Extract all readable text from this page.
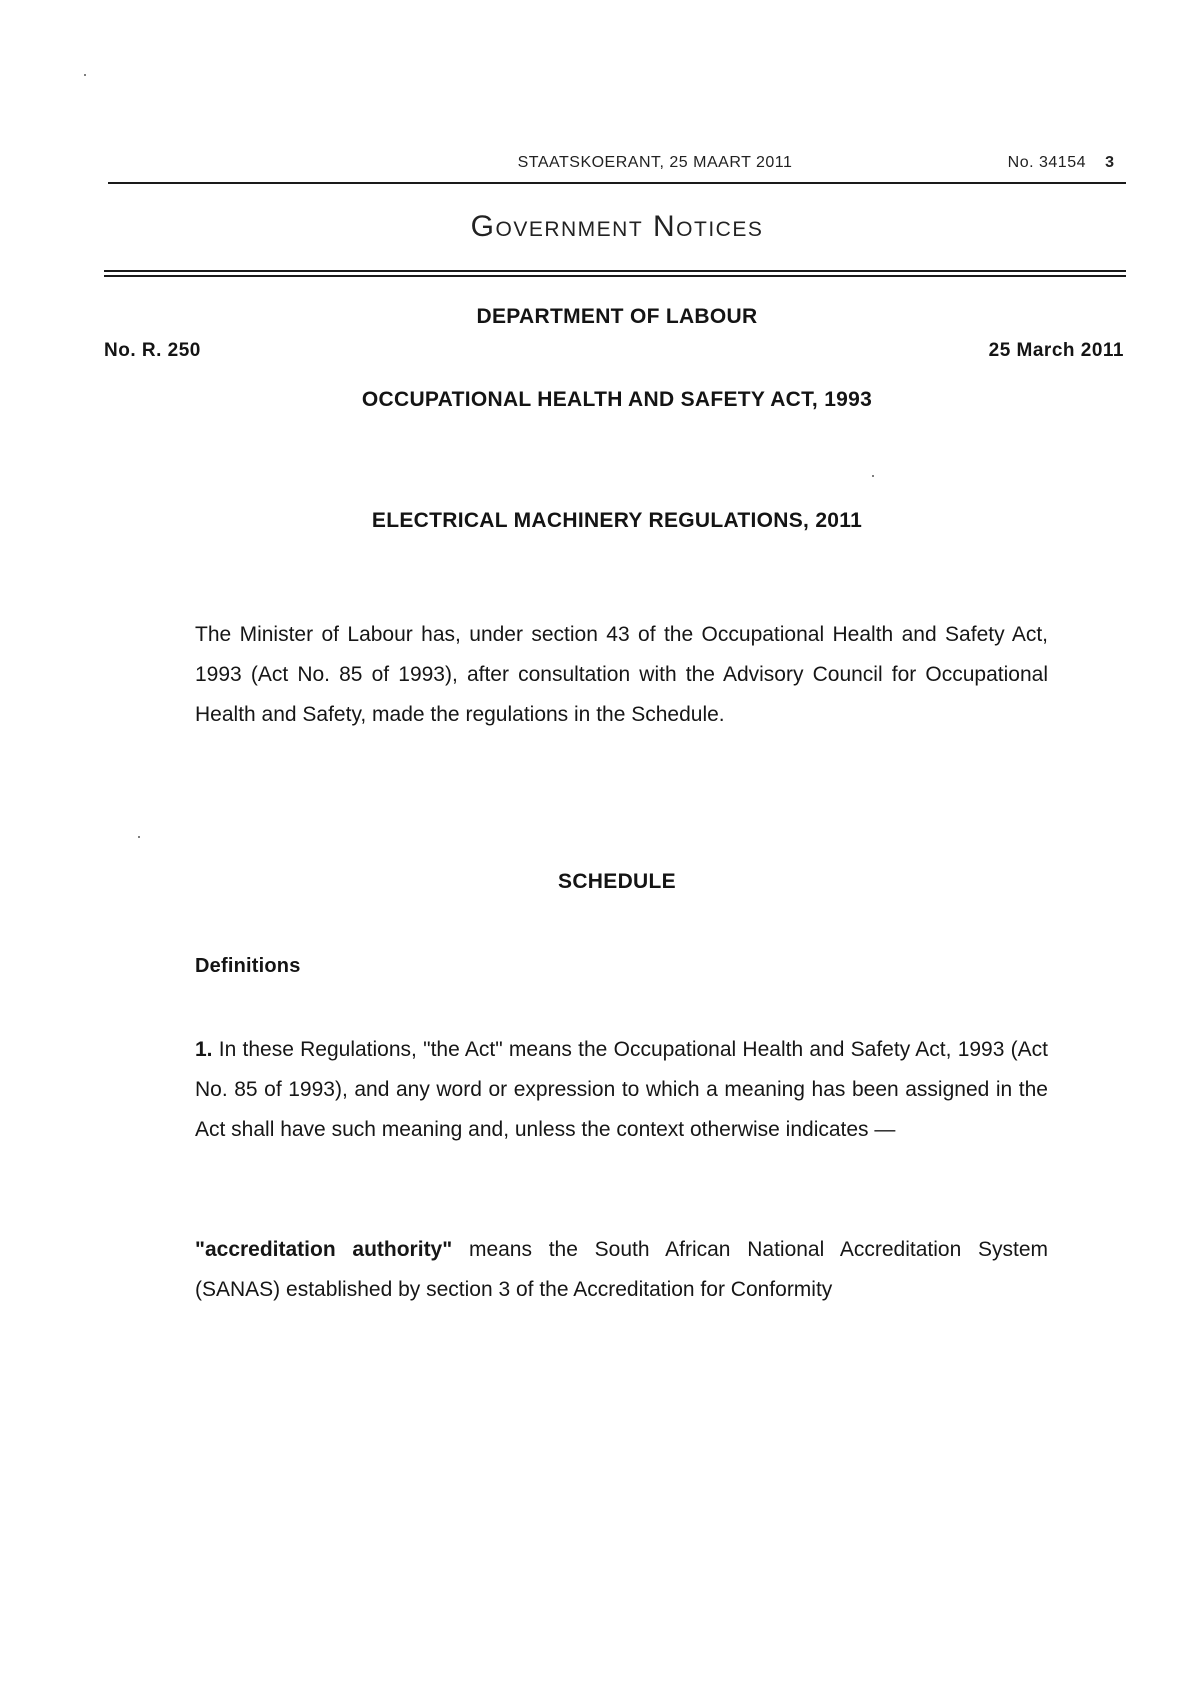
STAATSKOERANT, 25 MAART 2011	No. 34154 3
Government Notices
DEPARTMENT OF LABOUR
No. R. 250	25 March 2011
OCCUPATIONAL HEALTH AND SAFETY ACT, 1993
ELECTRICAL MACHINERY REGULATIONS, 2011

The Minister of Labour has, under section 43 of the Occupational Health and Safety Act, 1993 (Act No. 85 of 1993), after consultation with the Advisory Council for Occupational Health and Safety, made the regulations in the Schedule.

SCHEDULE
Definitions

1. In these Regulations, "the Act" means the Occupational Health and Safety Act, 1993 (Act No. 85 of 1993), and any word or expression to which a meaning has been assigned in the Act shall have such meaning and, unless the context otherwise indicates —

"accreditation authority" means the South African National Accreditation System (SANAS) established by section 3 of the Accreditation for Conformity
